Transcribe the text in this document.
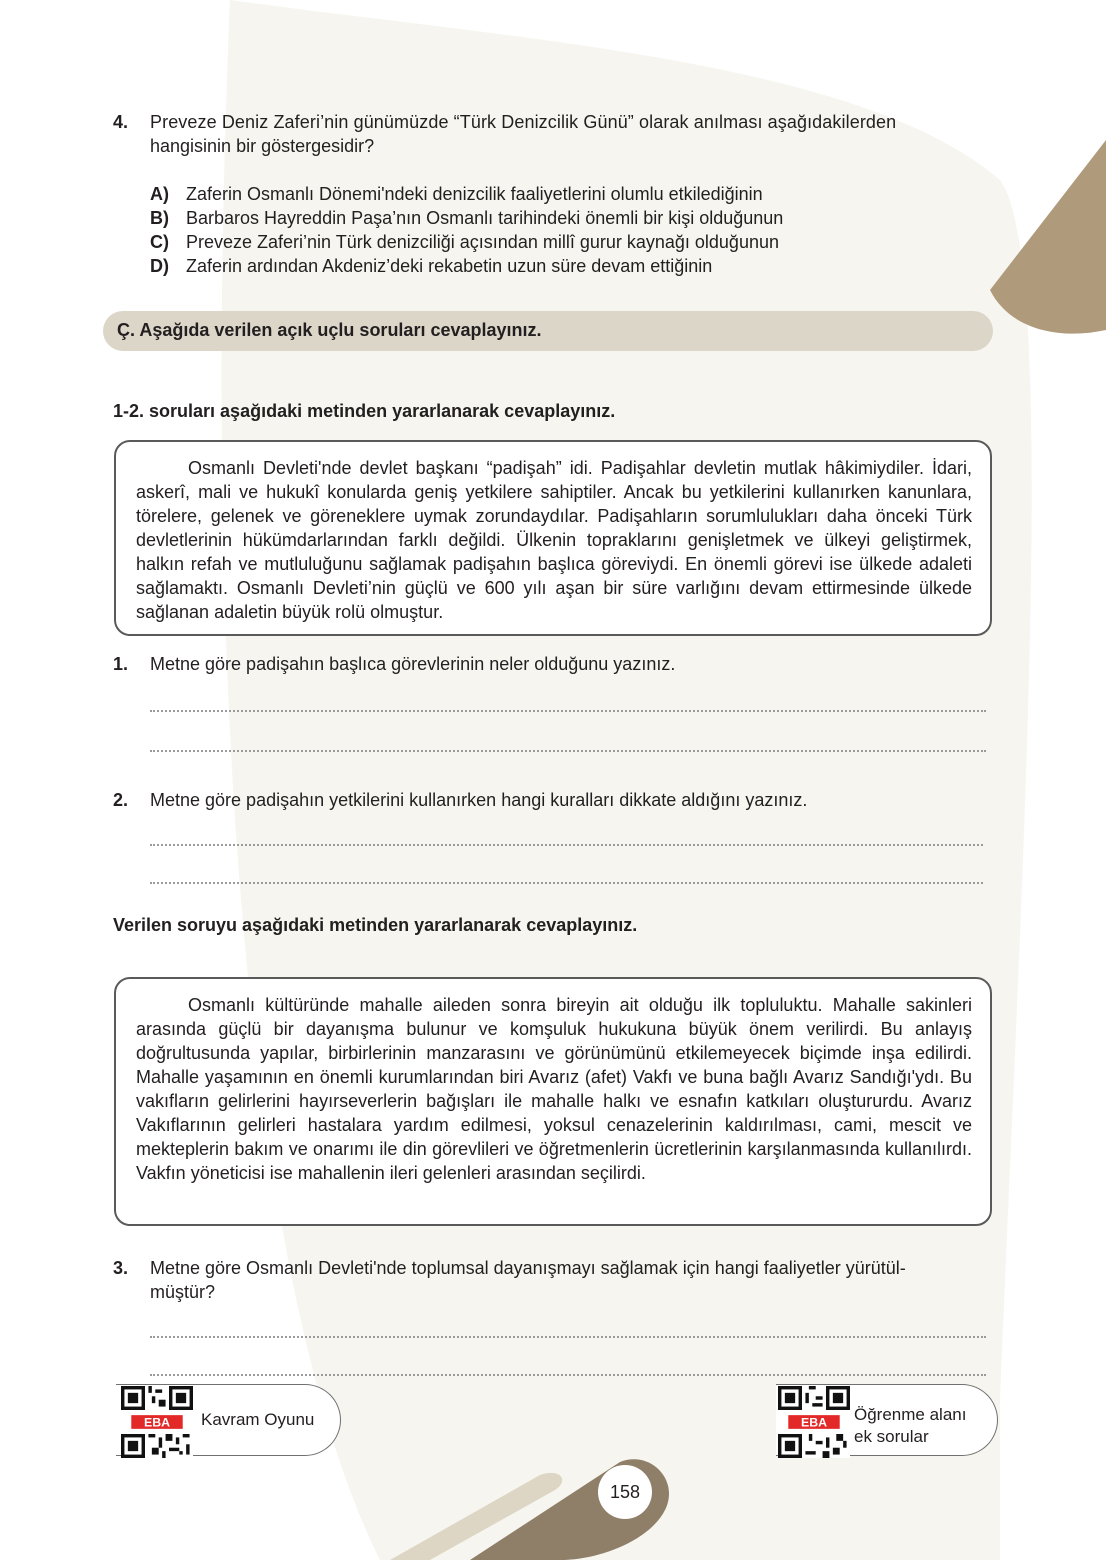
4. Preveze Deniz Zaferi’nin günümüzde “Türk Denizcilik Günü” olarak anılması aşağıdakilerden
hangisinin bir göstergesidir?
A) Zaferin Osmanlı Dönemi'ndeki denizcilik faaliyetlerini olumlu etkilediğinin
B) Barbaros Hayreddin Paşa’nın Osmanlı tarihindeki önemli bir kişi olduğunun
C) Preveze Zaferi’nin Türk denizciliği açısından millî gurur kaynağı olduğunun
D) Zaferin ardından Akdeniz’deki rekabetin uzun süre devam ettiğinin
Ç. Aşağıda verilen açık uçlu soruları cevaplayınız.
1-2. soruları aşağıdaki metinden yararlanarak cevaplayınız.

Osmanlı Devleti'nde devlet başkanı “padişah” idi. Padişahlar devletin mutlak hâkimiydiler. İdari, askerî, mali ve hukukî konularda geniş yetkilere sahiptiler. Ancak bu yetkilerini kullanırken kanunlara, törelere, gelenek ve göreneklere uymak zorundaydılar. Padişahların sorumlulukları daha önceki Türk devletlerinin hükümdarlarından farklı değildi. Ülkenin topraklarını genişletmek ve ülkeyi geliştirmek, halkın refah ve mutluluğunu sağlamak padişahın başlıca göreviydi. En önemli görevi ise ülkede adaleti sağlamaktı. Osmanlı Devleti’nin güçlü ve 600 yılı aşan bir süre varlığını devam ettirmesinde ülkede sağlanan adaletin büyük rolü olmuştur.

1. Metne göre padişahın başlıca görevlerinin neler olduğunu yazınız.
2. Metne göre padişahın yetkilerini kullanırken hangi kuralları dikkate aldığını yazınız.
Verilen soruyu aşağıdaki metinden yararlanarak cevaplayınız.

Osmanlı kültüründe mahalle aileden sonra bireyin ait olduğu ilk topluluktu. Mahalle sakinleri arasında güçlü bir dayanışma bulunur ve komşuluk hukukuna büyük önem verilirdi. Bu anlayış doğrultusunda yapılar, birbirlerinin manzarasını ve görünümünü etkilemeyecek biçimde inşa edilirdi. Mahalle yaşamının en önemli kurumlarından biri Avarız (afet) Vakfı ve buna bağlı Avarız Sandığı'ydı. Bu vakıfların gelirlerini hayırseverlerin bağışları ile mahalle halkı ve esnafın katkıları oluştururdu. Avarız Vakıflarının gelirleri hastalara yardım edilmesi, yoksul cenazelerinin kaldırılması, cami, mescit ve mekteplerin bakım ve onarımı ile din görevlileri ve öğretmenlerin ücretlerinin karşılanmasında kullanılırdı. Vakfın yöneticisi ise mahallenin ileri gelenleri arasından seçilirdi.

3. Metne göre Osmanlı Devleti'nde toplumsal dayanışmayı sağlamak için hangi faaliyetler yürütül-
müştür?
EBA Kavram Oyunu	EBA Öğrenme alanı
ek sorular
158
